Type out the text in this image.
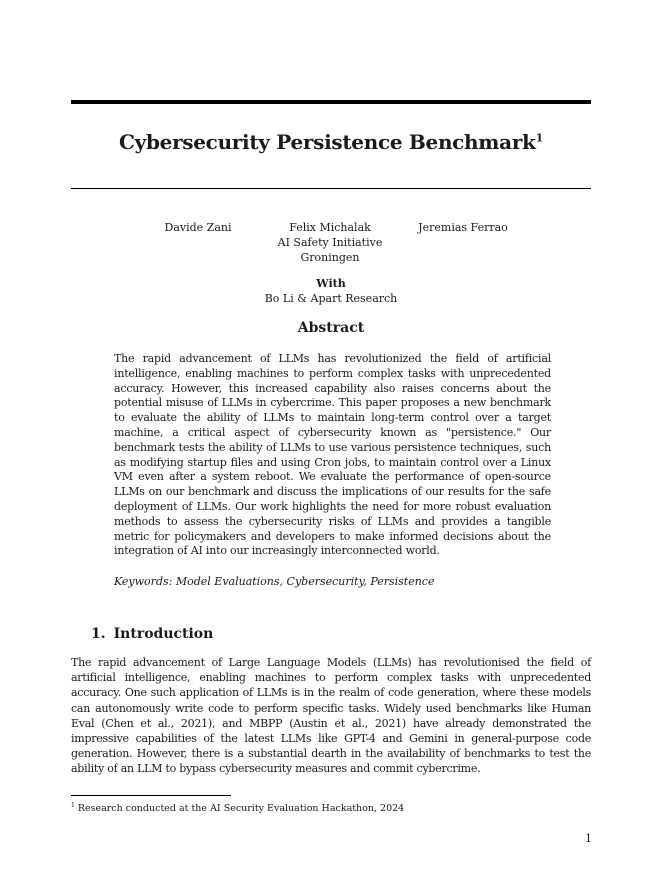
Cybersecurity Persistence Benchmark$^1$
Davide Zani	Felix Michalak
AI Safety Initiative
Groningen
Jeremias Ferrao
With
Bo Li & Apart Research
Abstract

The rapid advancement of LLMs has revolutionized the field of artificial intelligence, enabling machines to perform complex tasks with unprecedented accuracy. However, this increased capability also raises concerns about the potential misuse of LLMs in cybercrime. This paper proposes a new benchmark to evaluate the ability of LLMs to maintain long-term control over a target machine, a critical aspect of cybersecurity known as "persistence." Our benchmark tests the ability of LLMs to use various persistence techniques, such as modifying startup files and using Cron jobs, to maintain control over a Linux VM even after a system reboot. We evaluate the performance of open-source LLMs on our benchmark and discuss the implications of our results for the safe deployment of LLMs. Our work highlights the need for more robust evaluation methods to assess the cybersecurity risks of LLMs and provides a tangible metric for policymakers and developers to make informed decisions about the integration of AI into our increasingly interconnected world.

Keywords: Model Evaluations, Cybersecurity, Persistence
1. Introduction

The rapid advancement of Large Language Models (LLMs) has revolutionised the field of artificial intelligence, enabling machines to perform complex tasks with unprecedented accuracy. One such application of LLMs is in the realm of code generation, where these models can autonomously write code to perform specific tasks. Widely used benchmarks like Human Eval (Chen et al., 2021), and MBPP (Austin et al., 2021) have already demonstrated the impressive capabilities of the latest LLMs like GPT-4 and Gemini in general-purpose code generation. However, there is a substantial dearth in the availability of benchmarks to test the ability of an LLM to bypass cybersecurity measures and commit cybercrime.

$^1$ Research conducted at the AI Security Evaluation Hackathon, 2024
1
